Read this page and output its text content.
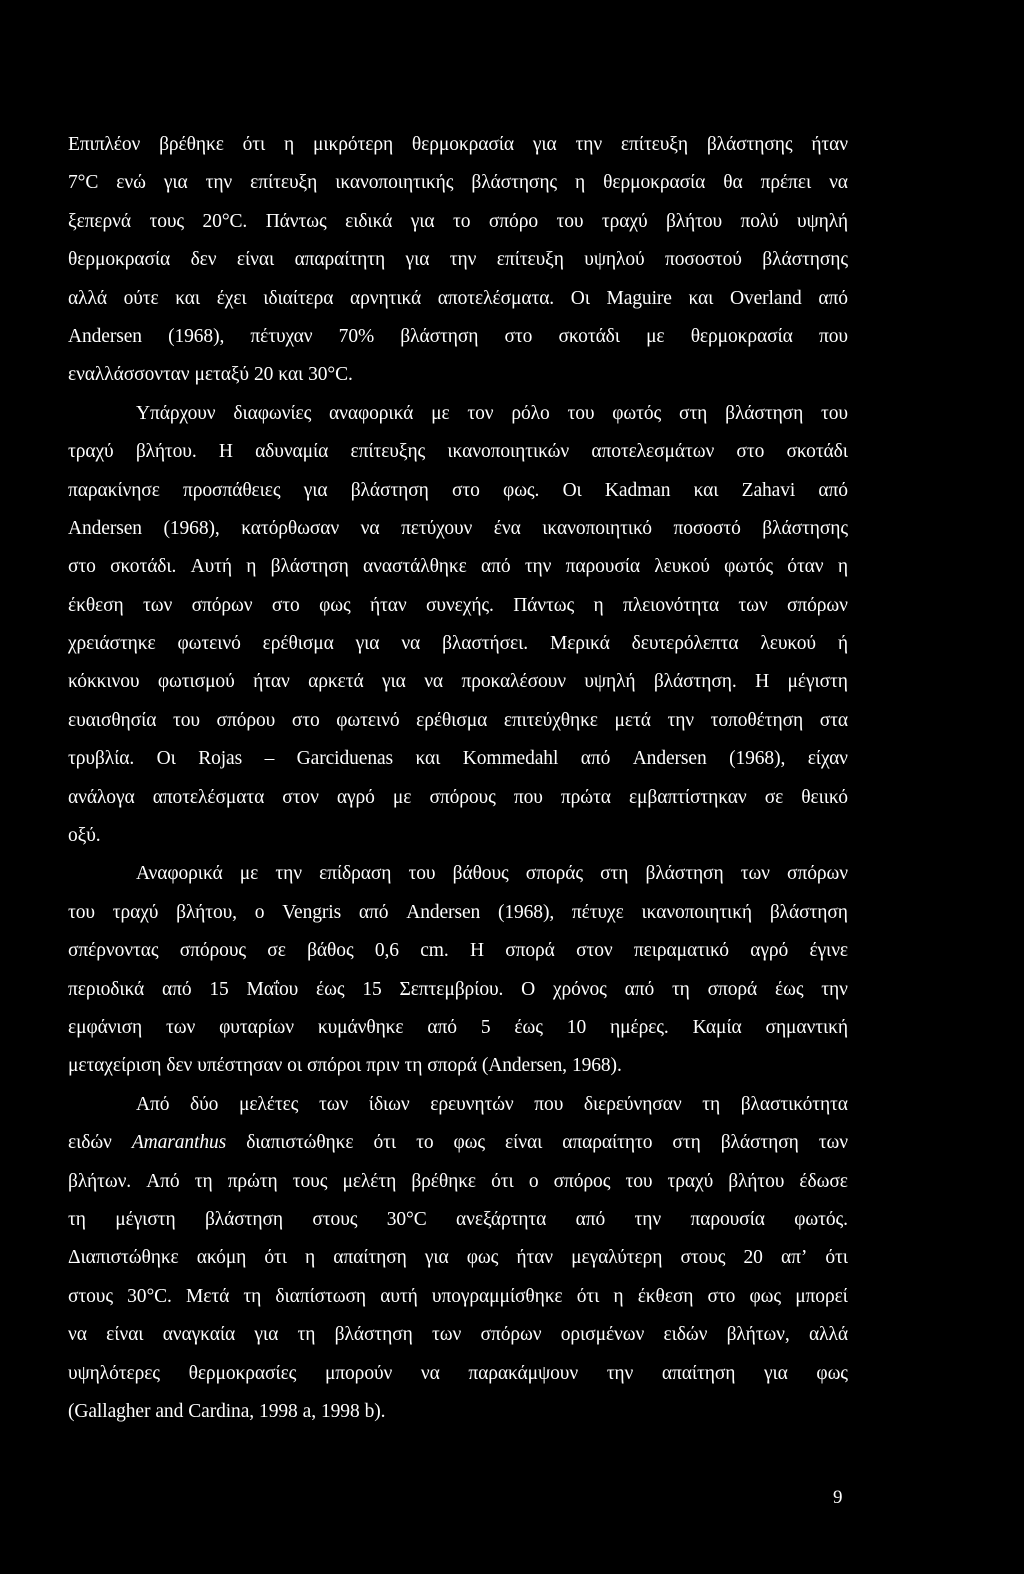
Επιπλέον βρέθηκε ότι η μικρότερη θερμοκρασία για την επίτευξη βλάστησης ήταν
7°C ενώ για την επίτευξη ικανοποιητικής βλάστησης η θερμοκρασία θα πρέπει να
ξεπερνά τους 20°C. Πάντως ειδικά για το σπόρο του τραχύ βλήτου πολύ υψηλή
θερμοκρασία δεν είναι απαραίτητη για την επίτευξη υψηλού ποσοστού βλάστησης
αλλά ούτε και έχει ιδιαίτερα αρνητικά αποτελέσματα. Οι Maguire και Overland από
Andersen (1968), πέτυχαν 70% βλάστηση στο σκοτάδι με θερμοκρασία που
εναλλάσσονταν μεταξύ 20 και 30°C.
Υπάρχουν διαφωνίες αναφορικά με τον ρόλο του φωτός στη βλάστηση του
τραχύ βλήτου. Η αδυναμία επίτευξης ικανοποιητικών αποτελεσμάτων στο σκοτάδι
παρακίνησε προσπάθειες για βλάστηση στο φως. Οι Kadman και Zahavi από
Andersen (1968), κατόρθωσαν να πετύχουν ένα ικανοποιητικό ποσοστό βλάστησης
στο σκοτάδι. Αυτή η βλάστηση αναστάλθηκε από την παρουσία λευκού φωτός όταν η
έκθεση των σπόρων στο φως ήταν συνεχής. Πάντως η πλειονότητα των σπόρων
χρειάστηκε φωτεινό ερέθισμα για να βλαστήσει. Μερικά δευτερόλεπτα λευκού ή
κόκκινου φωτισμού ήταν αρκετά για να προκαλέσουν υψηλή βλάστηση. Η μέγιστη
ευαισθησία του σπόρου στο φωτεινό ερέθισμα επιτεύχθηκε μετά την τοποθέτηση στα
τρυβλία. Οι Rojas – Garciduenas και Kommedahl από Andersen (1968), είχαν
ανάλογα αποτελέσματα στον αγρό με σπόρους που πρώτα εμβαπτίστηκαν σε θειικό
οξύ.
Αναφορικά με την επίδραση του βάθους σποράς στη βλάστηση των σπόρων
του τραχύ βλήτου, ο Vengris από Andersen (1968), πέτυχε ικανοποιητική βλάστηση
σπέρνοντας σπόρους σε βάθος 0,6 cm. Η σπορά στον πειραματικό αγρό έγινε
περιοδικά από 15 Μαΐου έως 15 Σεπτεμβρίου. Ο χρόνος από τη σπορά έως την
εμφάνιση των φυταρίων κυμάνθηκε από 5 έως 10 ημέρες. Καμία σημαντική
μεταχείριση δεν υπέστησαν οι σπόροι πριν τη σπορά (Andersen, 1968).
Από δύο μελέτες των ίδιων ερευνητών που διερεύνησαν τη βλαστικότητα
ειδών Amaranthus διαπιστώθηκε ότι το φως είναι απαραίτητο στη βλάστηση των
βλήτων. Από τη πρώτη τους μελέτη βρέθηκε ότι ο σπόρος του τραχύ βλήτου έδωσε
τη μέγιστη βλάστηση στους 30°C ανεξάρτητα από την παρουσία φωτός.
Διαπιστώθηκε ακόμη ότι η απαίτηση για φως ήταν μεγαλύτερη στους 20 απ’ ότι
στους 30°C. Μετά τη διαπίστωση αυτή υπογραμμίσθηκε ότι η έκθεση στο φως μπορεί
να είναι αναγκαία για τη βλάστηση των σπόρων ορισμένων ειδών βλήτων, αλλά
υψηλότερες θερμοκρασίες μπορούν να παρακάμψουν την απαίτηση για φως
(Gallagher and Cardina, 1998 a, 1998 b).
9
